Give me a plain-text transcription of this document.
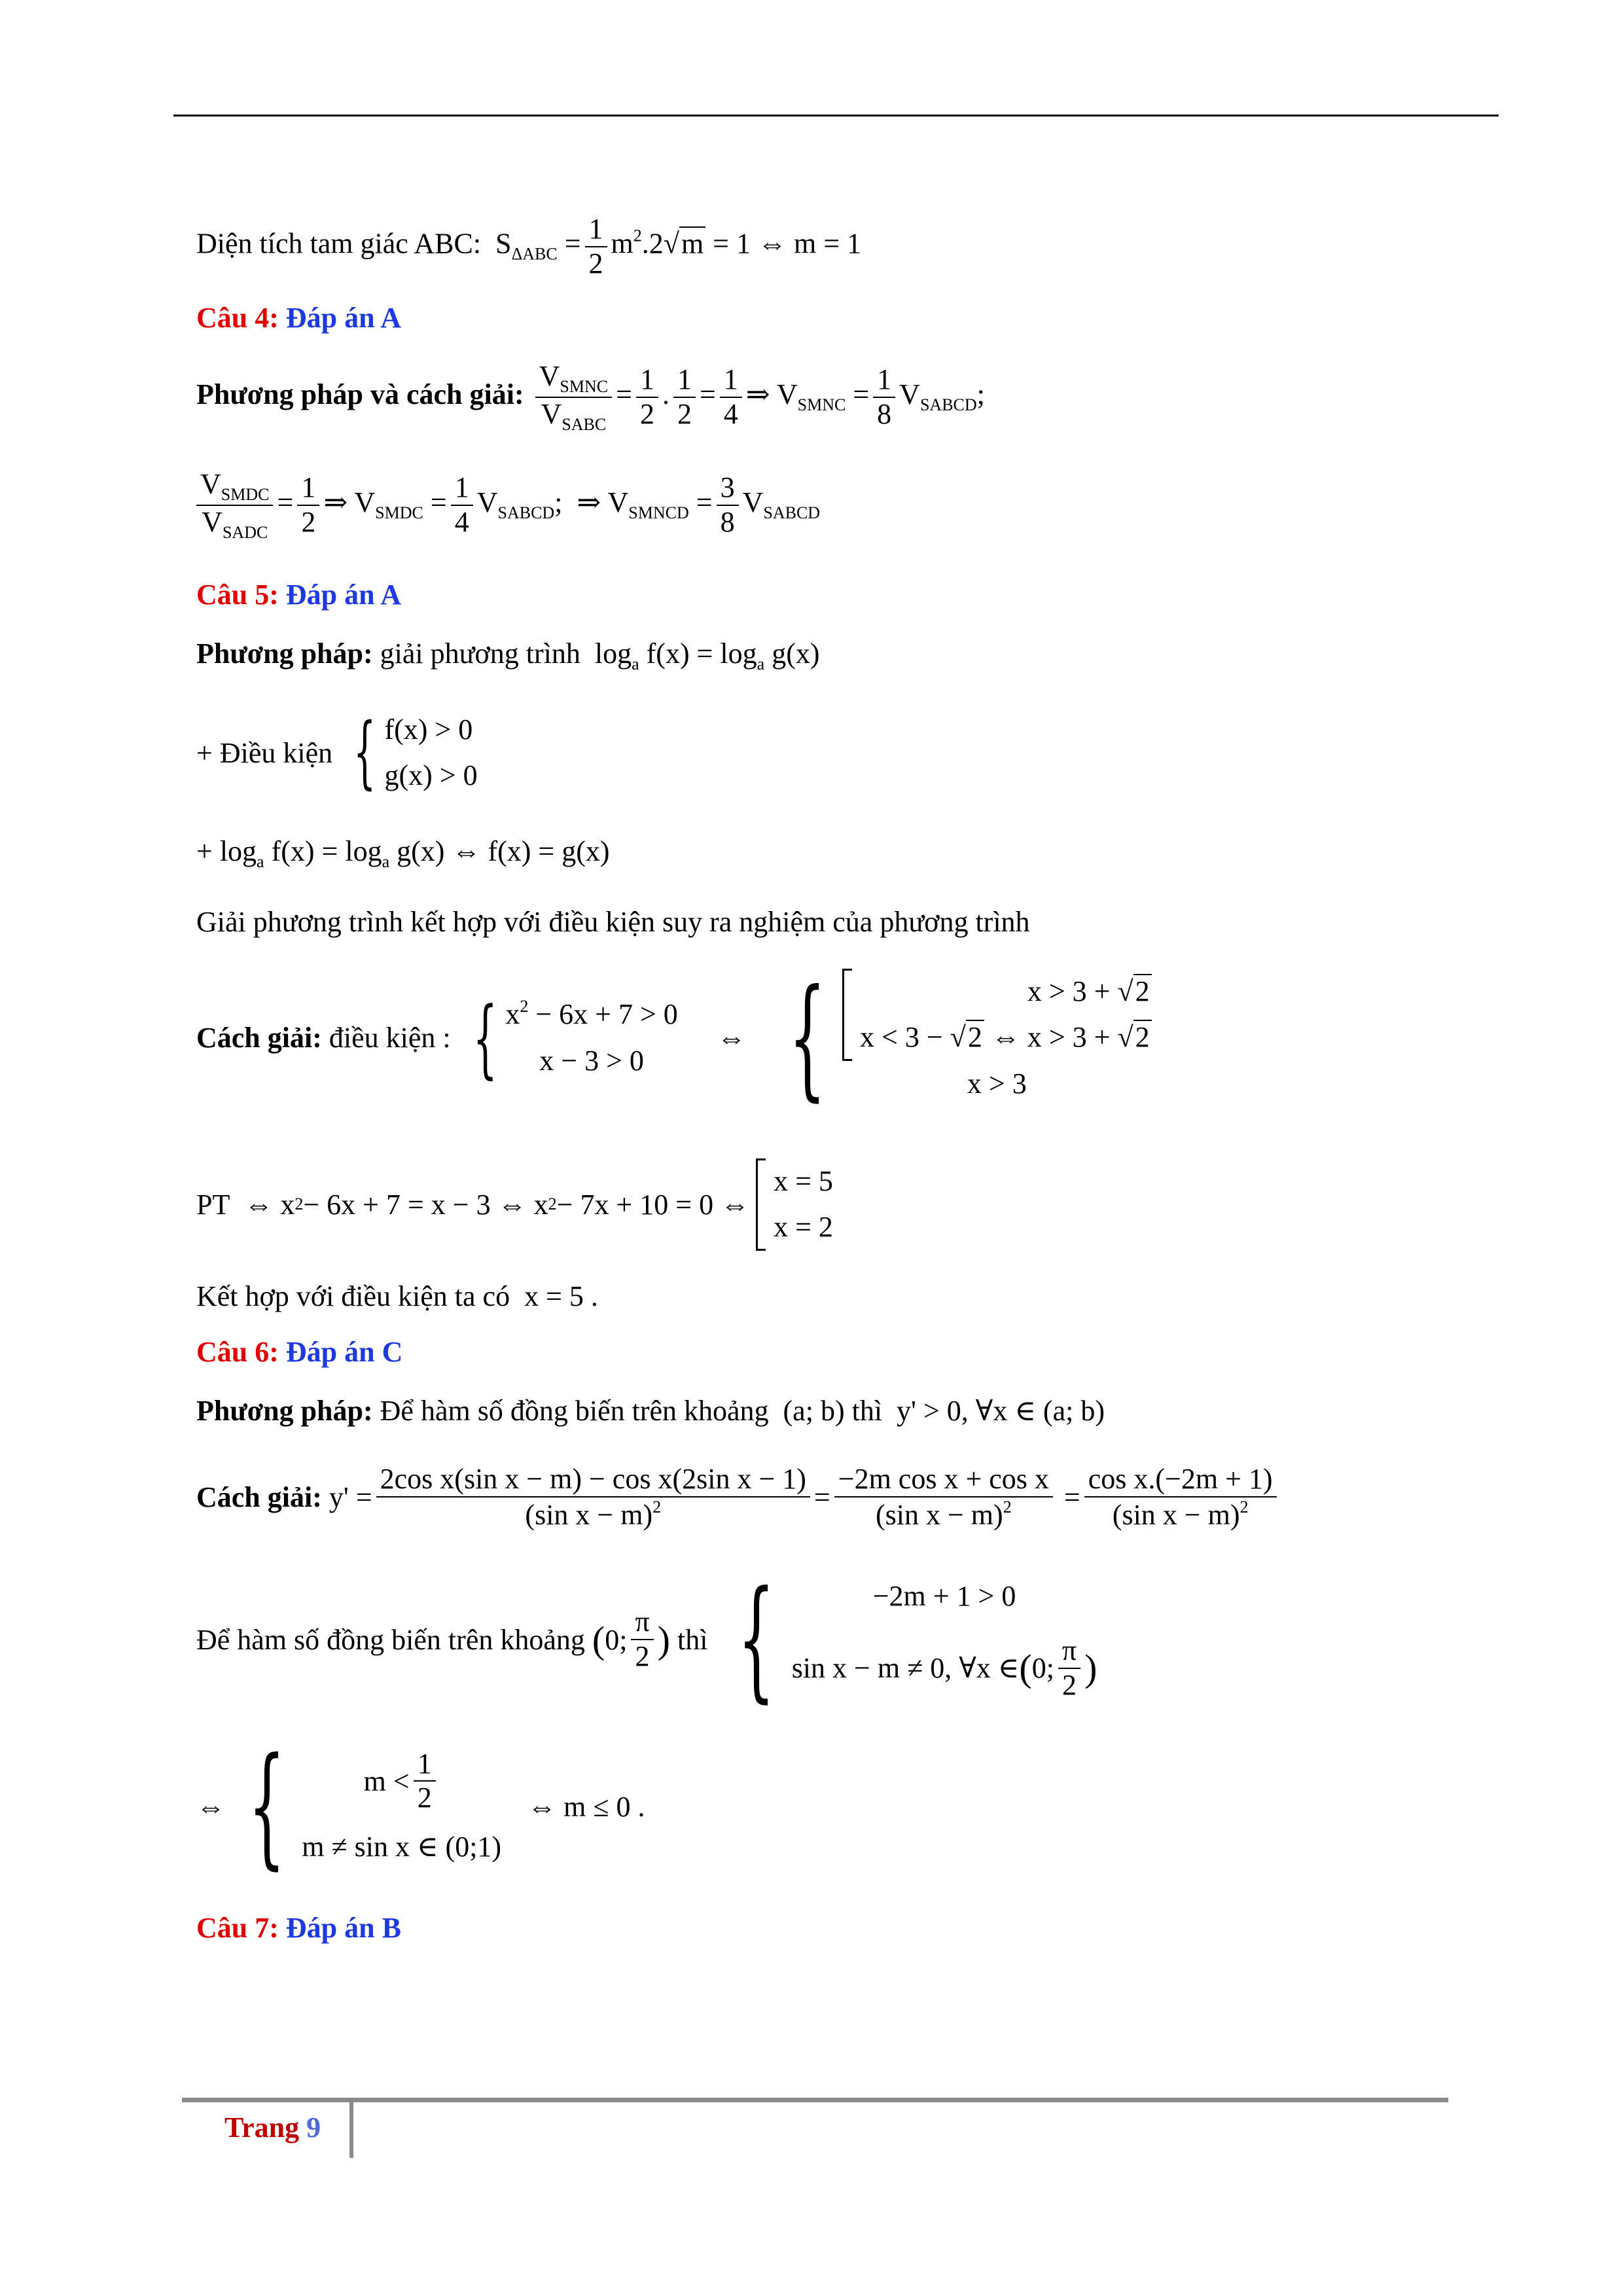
Diện tích tam giác ABC:  $S_{\Delta ABC} = \frac{1}{2} m^2.2√m = 1$ ⇔ m = 1
Câu 4: Đáp án A
Phương pháp và cách giải: $\frac{V_{SMNC}}{V_{SABC}} = \frac{1}{2}$ . $\frac{1}{2} = \frac{1}{4}$ ⇒ $V_{SMNC} = \frac{1}{8} V_{SABCD}$;
$\frac{V_{SMDC}}{V_{SADC}} = \frac{1}{2}$ ⇒ $V_{SMDC} = \frac{1}{4} V_{SABCD}$;  ⇒ $V_{SMNCD} = \frac{3}{8} V_{SABCD}$
Câu 5: Đáp án A
Phương pháp: giải phương trình  $\log_a f(x) = \log_a g(x)$
+ Điều kiện
{ f(x) > 0
g(x) > 0
+ $\log_a f(x) = \log_a g(x)$ ⇔ f(x) = g(x)
Giải phương trình kết hợp với điều kiện suy ra nghiệm của phương trình
Cách giải:
điều kiện :
{ $x^2 - 6x + 7 > 0$
x − 3 > 0
⇔ {	x > 3 + √2
x < 3 − √2 ⇔ x > 3 + √2
x > 3
PT ⇔ x 2 − 6x + 7 = x − 3 ⇔ x 2 − 7x + 10 = 0 ⇔
x = 5
x = 2
Kết hợp với điều kiện ta có  x = 5 .
Câu 6: Đáp án C
Phương pháp: Để hàm số đồng biến trên khoảng  (a; b) thì  y' > 0, ∀x ∈ (a; b)
Cách giải: $y' = \frac{\text{2cos x(sin x − m) − cos x(2sin x − 1)}}{(\sin x - m)^2} = \frac{\text{−2m cos x + cos x}}{(\sin x - m)^2} = \frac{\text{cos x.(−2m + 1)}}{(\sin x - m)^2}$
Để hàm số đồng biến trên khoảng
( 0; $\frac{\pi}{2}$ )
thì
{	−2m + 1 > 0
sin x − m ≠ 0, ∀x ∈ ( 0; $\frac{\pi}{2}$ )
⇔ {	$m < \frac{1}{2}$
m ≠ sin x ∈ (0;1)
⇔ m ≤ 0 .
Câu 7: Đáp án B
Trang 9
